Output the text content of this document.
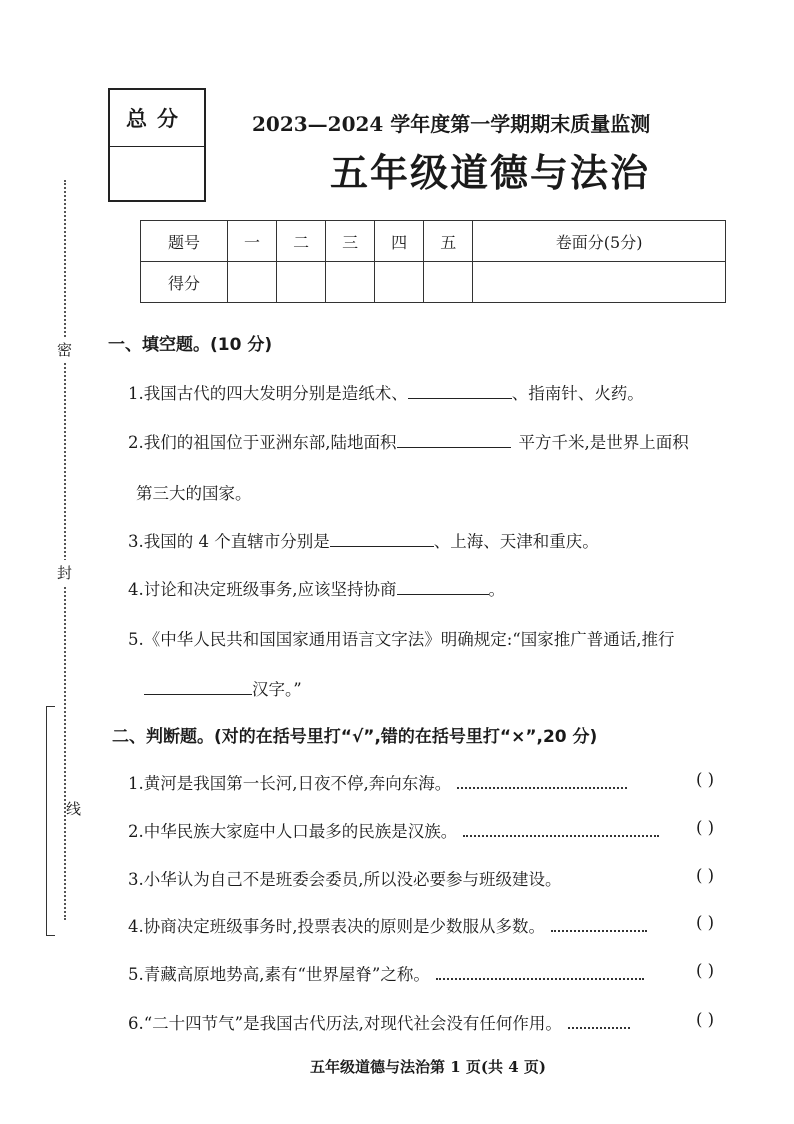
总分	2023—2024 学年度第一学期期末质量监测
五年级道德与法治
题号	一	二	三	四	五	卷面分(5分)
得分						
密
封
线
一、填空题。(10 分)
1.我国古代的四大发明分别是造纸术、	、指南针、火药。
2.我们的祖国位于亚洲东部,陆地面积	平方千米,是世界上面积
第三大的国家。
3.我国的 4 个直辖市分别是	、上海、天津和重庆。
4.讨论和决定班级事务,应该坚持协商	。
5.《中华人民共和国国家通用语言文字法》明确规定:“国家推广普通话,推行
汉字。”
二、判断题。(对的在括号里打“√”,错的在括号里打“×”,20 分)
1.黄河是我国第一长河,日夜不停,奔向东海。	( )
2.中华民族大家庭中人口最多的民族是汉族。	( )
3.小华认为自己不是班委会委员,所以没必要参与班级建设。	( )
4.协商决定班级事务时,投票表决的原则是少数服从多数。	( )
5.青藏高原地势高,素有“世界屋脊”之称。	( )
6.“二十四节气”是我国古代历法,对现代社会没有任何作用。	( )
五年级道德与法治第 1 页(共 4 页)
